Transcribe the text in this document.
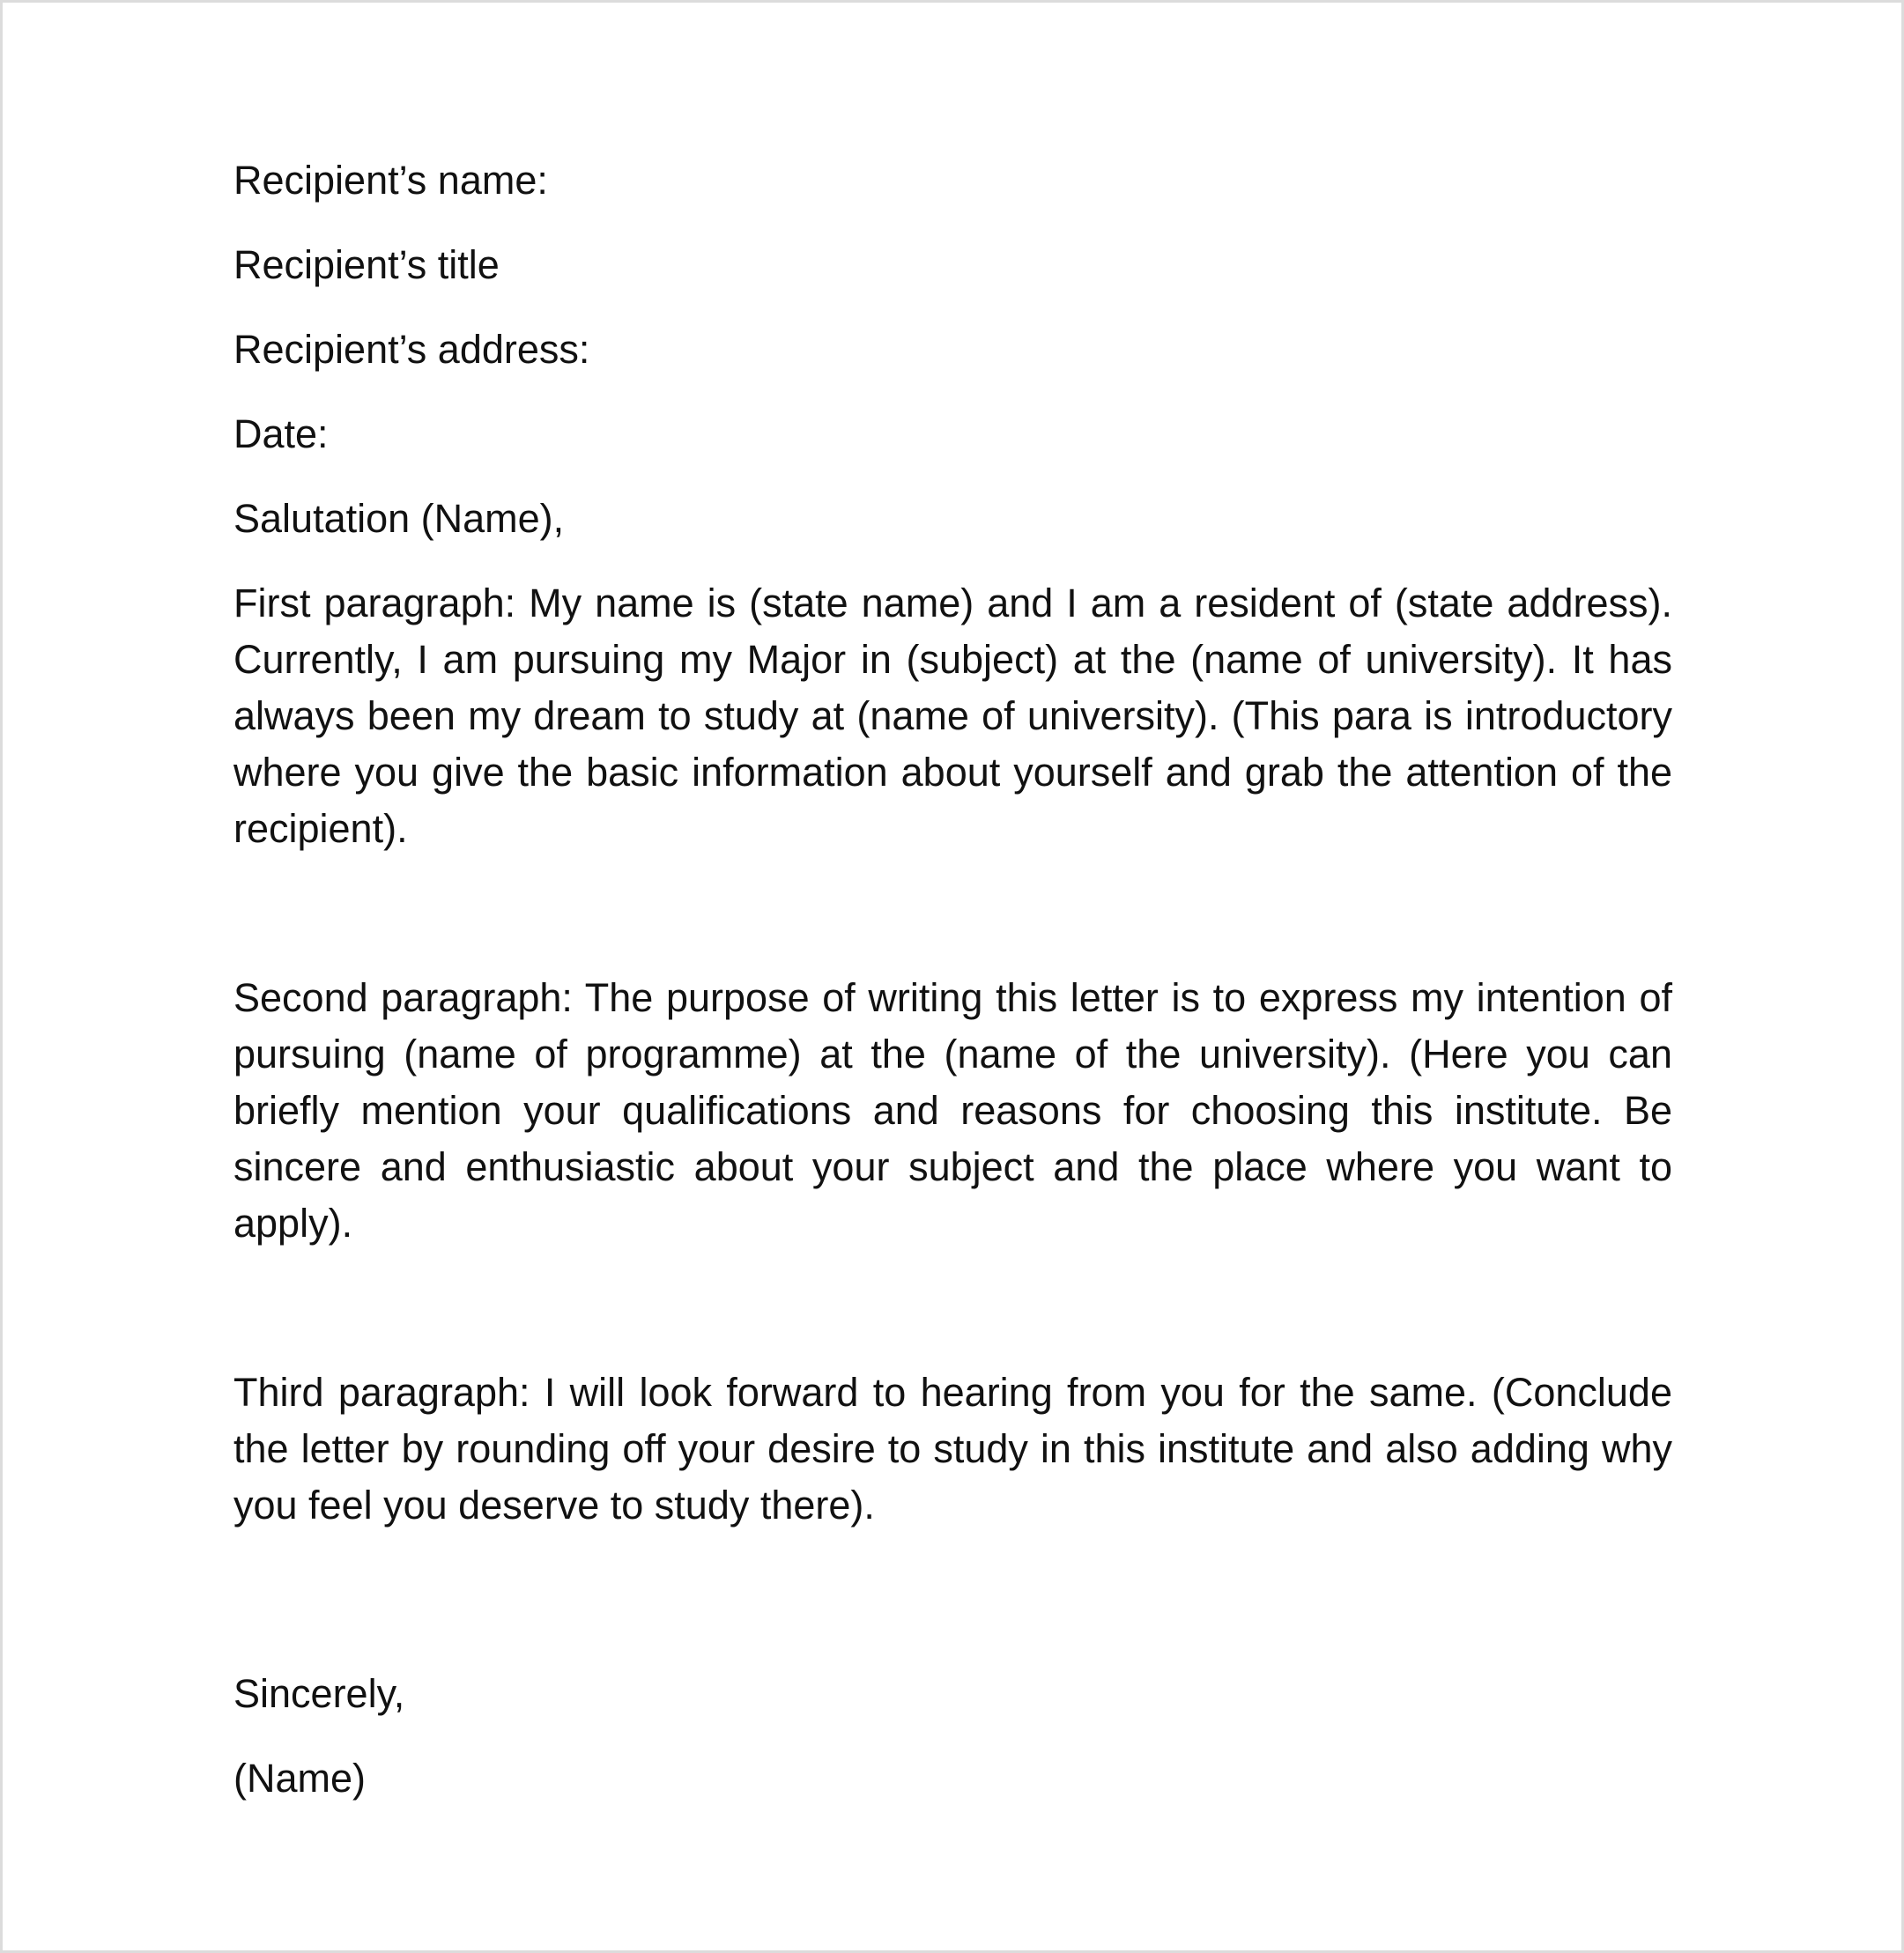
Recipient’s name:

Recipient’s title

Recipient’s address:

Date:

Salutation (Name),

First paragraph: My name is (state name) and I am a resident of (state address). Currently, I am pursuing my Major in (subject) at the (name of university). It has always been my dream to study at (name of university). (This para is introductory where you give the basic information about yourself and grab the attention of the recipient).

Second paragraph: The purpose of writing this letter is to express my intention of pursuing (name of programme) at the (name of the university). (Here you can briefly mention your qualifications and reasons for choosing this institute. Be sincere and enthusiastic about your subject and the place where you want to apply).

Third paragraph: I will look forward to hearing from you for the same. (Conclude the letter by rounding off your desire to study in this institute and also adding why you feel you deserve to study there).

Sincerely,

(Name)
